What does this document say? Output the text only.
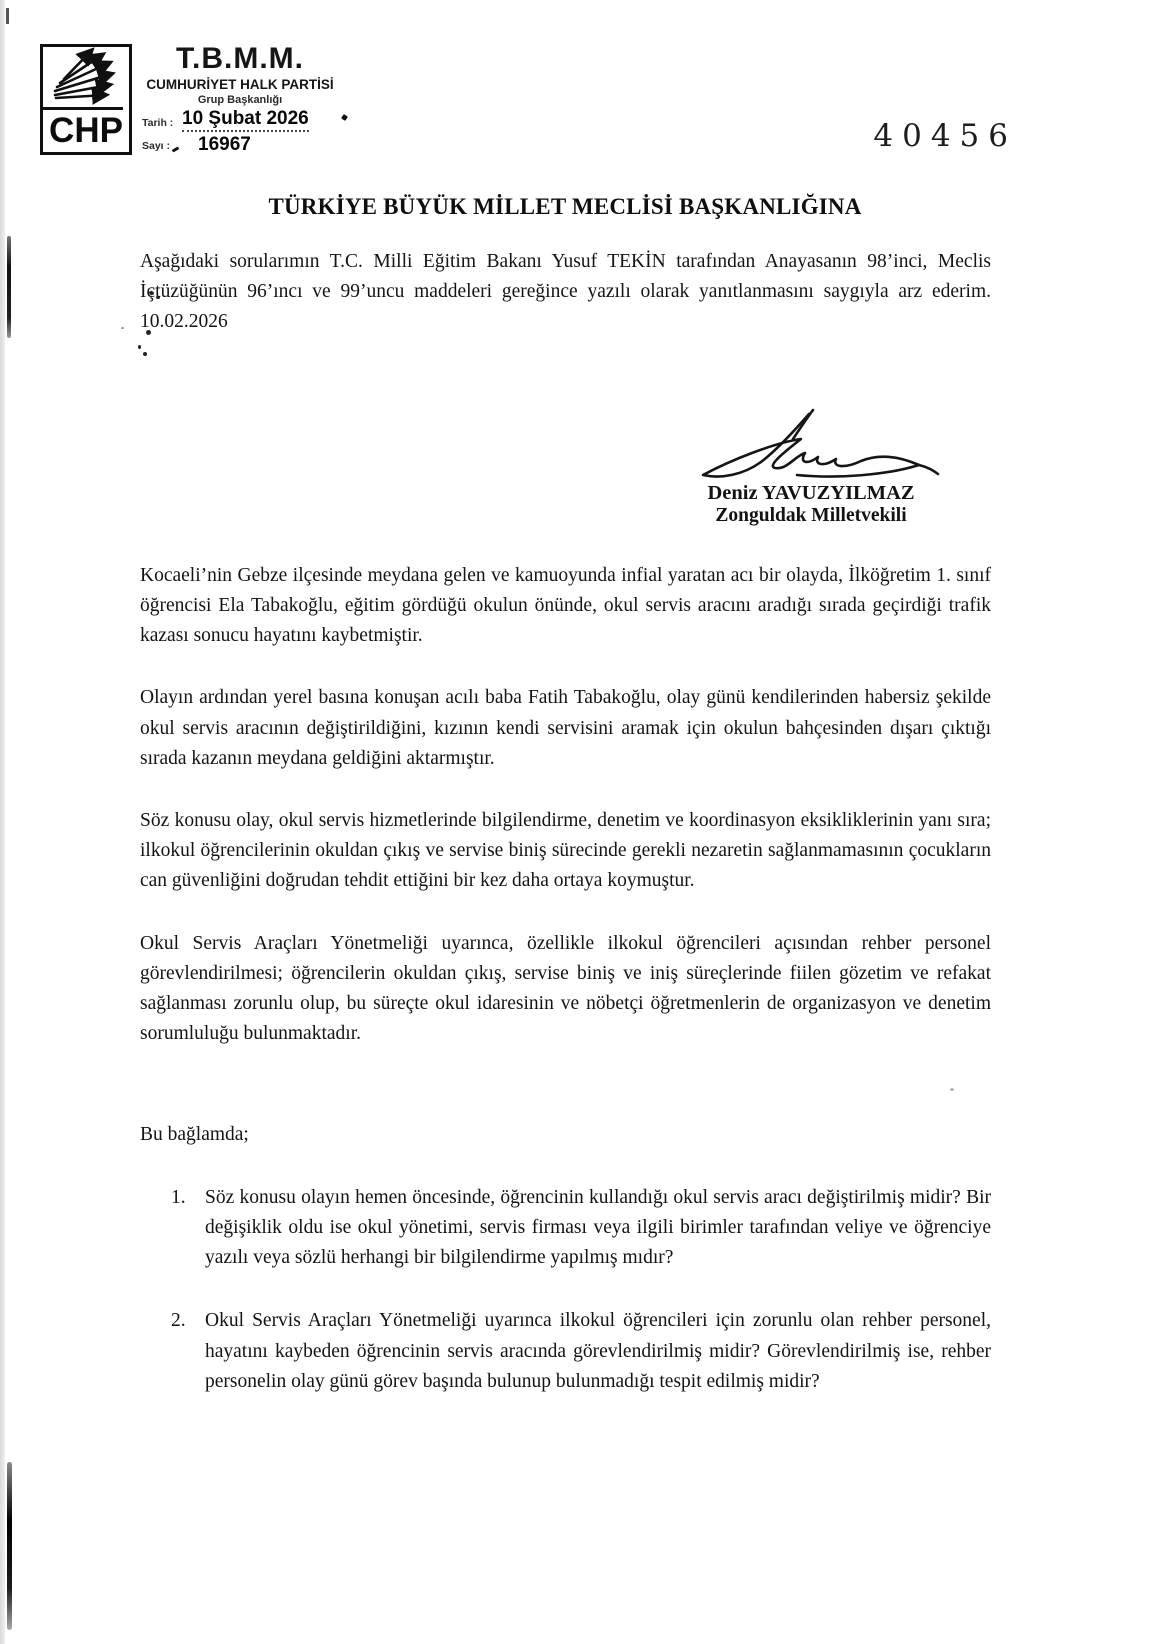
CHP
T.B.M.M.
CUMHURİYET HALK PARTİSİ
Grup Başkanlığı
Tarih : 10 Şubat 2026
Sayı :	16967	40456
TÜRKİYE BÜYÜK MİLLET MECLİSİ BAŞKANLIĞINA

Aşağıdaki sorularımın T.C. Milli Eğitim Bakanı Yusuf TEKİN tarafından Anayasanın 98’inci, Meclis İçtüzüğünün 96’ıncı ve 99’uncu maddeleri gereğince yazılı olarak yanıtlanmasını saygıyla arz ederim. 10.02.2026

Deniz YAVUZYILMAZ
Zonguldak Milletvekili

Kocaeli’nin Gebze ilçesinde meydana gelen ve kamuoyunda infial yaratan acı bir olayda, İlköğretim 1. sınıf öğrencisi Ela Tabakoğlu, eğitim gördüğü okulun önünde, okul servis aracını aradığı sırada geçirdiği trafik kazası sonucu hayatını kaybetmiştir.

Olayın ardından yerel basına konuşan acılı baba Fatih Tabakoğlu, olay günü kendilerinden habersiz şekilde okul servis aracının değiştirildiğini, kızının kendi servisini aramak için okulun bahçesinden dışarı çıktığı sırada kazanın meydana geldiğini aktarmıştır.

Söz konusu olay, okul servis hizmetlerinde bilgilendirme, denetim ve koordinasyon eksikliklerinin yanı sıra; ilkokul öğrencilerinin okuldan çıkış ve servise biniş sürecinde gerekli nezaretin sağlanmamasının çocukların can güvenliğini doğrudan tehdit ettiğini bir kez daha ortaya koymuştur.

Okul Servis Araçları Yönetmeliği uyarınca, özellikle ilkokul öğrencileri açısından rehber personel görevlendirilmesi; öğrencilerin okuldan çıkış, servise biniş ve iniş süreçlerinde fiilen gözetim ve refakat sağlanması zorunlu olup, bu süreçte okul idaresinin ve nöbetçi öğretmenlerin de organizasyon ve denetim sorumluluğu bulunmaktadır.

Bu bağlamda;

1. Söz konusu olayın hemen öncesinde, öğrencinin kullandığı okul servis aracı değiştirilmiş midir? Bir değişiklik oldu ise okul yönetimi, servis firması veya ilgili birimler tarafından veliye ve öğrenciye yazılı veya sözlü herhangi bir bilgilendirme yapılmış mıdır?
2. Okul Servis Araçları Yönetmeliği uyarınca ilkokul öğrencileri için zorunlu olan rehber personel, hayatını kaybeden öğrencinin servis aracında görevlendirilmiş midir? Görevlendirilmiş ise, rehber personelin olay günü görev başında bulunup bulunmadığı tespit edilmiş midir?
